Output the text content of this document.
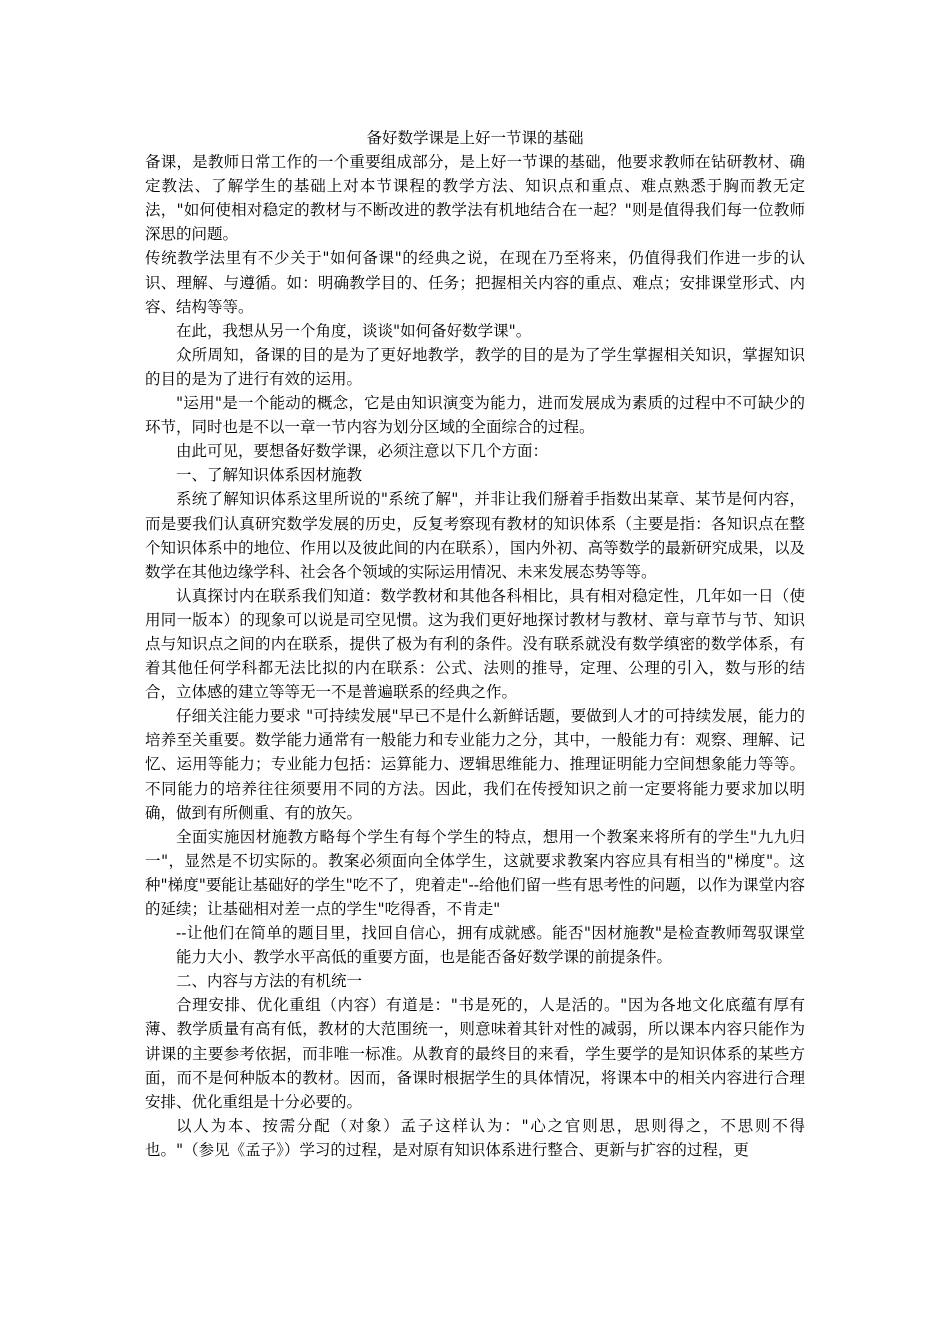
备好数学课是上好一节课的基础

备课，是教师日常工作的一个重要组成部分，是上好一节课的基础，他要求教师在钻研教材、确定教法、了解学生的基础上对本节课程的教学方法、知识点和重点、难点熟悉于胸而教无定法，"如何使相对稳定的教材与不断改进的教学法有机地结合在一起？"则是值得我们每一位教师深思的问题。

传统教学法里有不少关于"如何备课"的经典之说，在现在乃至将来，仍值得我们作进一步的认识、理解、与遵循。如：明确教学目的、任务；把握相关内容的重点、难点；安排课堂形式、内容、结构等等。

在此，我想从另一个角度，谈谈"如何备好数学课"。

众所周知，备课的目的是为了更好地教学，教学的目的是为了学生掌握相关知识，掌握知识的目的是为了进行有效的运用。

"运用"是一个能动的概念，它是由知识演变为能力，进而发展成为素质的过程中不可缺少的环节，同时也是不以一章一节内容为划分区域的全面综合的过程。

由此可见，要想备好数学课，必须注意以下几个方面：

一、了解知识体系因材施教

系统了解知识体系这里所说的"系统了解"，并非让我们掰着手指数出某章、某节是何内容，而是要我们认真研究数学发展的历史，反复考察现有教材的知识体系（主要是指：各知识点在整个知识体系中的地位、作用以及彼此间的内在联系），国内外初、高等数学的最新研究成果，以及数学在其他边缘学科、社会各个领域的实际运用情况、未来发展态势等等。

认真探讨内在联系我们知道：数学教材和其他各科相比，具有相对稳定性，几年如一日（使用同一版本）的现象可以说是司空见惯。这为我们更好地探讨教材与教材、章与章节与节、知识点与知识点之间的内在联系，提供了极为有利的条件。没有联系就没有数学缜密的数学体系，有着其他任何学科都无法比拟的内在联系：公式、法则的推导，定理、公理的引入，数与形的结合，立体感的建立等等无一不是普遍联系的经典之作。

仔细关注能力要求 "可持续发展"早已不是什么新鲜话题，要做到人才的可持续发展，能力的培养至关重要。数学能力通常有一般能力和专业能力之分，其中，一般能力有：观察、理解、记忆、运用等能力；专业能力包括：运算能力、逻辑思维能力、推理证明能力空间想象能力等等。不同能力的培养往往须要用不同的方法。因此，我们在传授知识之前一定要将能力要求加以明确，做到有所侧重、有的放矢。

全面实施因材施教方略每个学生有每个学生的特点，想用一个教案来将所有的学生"九九归一"，显然是不切实际的。教案必须面向全体学生，这就要求教案内容应具有相当的"梯度"。这种"梯度"要能让基础好的学生"吃不了，兜着走"--给他们留一些有思考性的问题，以作为课堂内容的延续；让基础相对差一点的学生"吃得香，不肯走"

--让他们在简单的题目里，找回自信心，拥有成就感。能否"因材施教"是检查教师驾驭课堂能力大小、教学水平高低的重要方面，也是能否备好数学课的前提条件。

二、内容与方法的有机统一

合理安排、优化重组（内容）有道是："书是死的，人是活的。"因为各地文化底蕴有厚有薄、教学质量有高有低，教材的大范围统一，则意味着其针对性的减弱，所以课本内容只能作为讲课的主要参考依据，而非唯一标准。从教育的最终目的来看，学生要学的是知识体系的某些方面，而不是何种版本的教材。因而，备课时根据学生的具体情况，将课本中的相关内容进行合理安排、优化重组是十分必要的。

以人为本、按需分配（对象）孟子这样认为："心之官则思，思则得之，不思则不得也。"（参见《孟子》）学习的过程，是对原有知识体系进行整合、更新与扩容的过程，更
